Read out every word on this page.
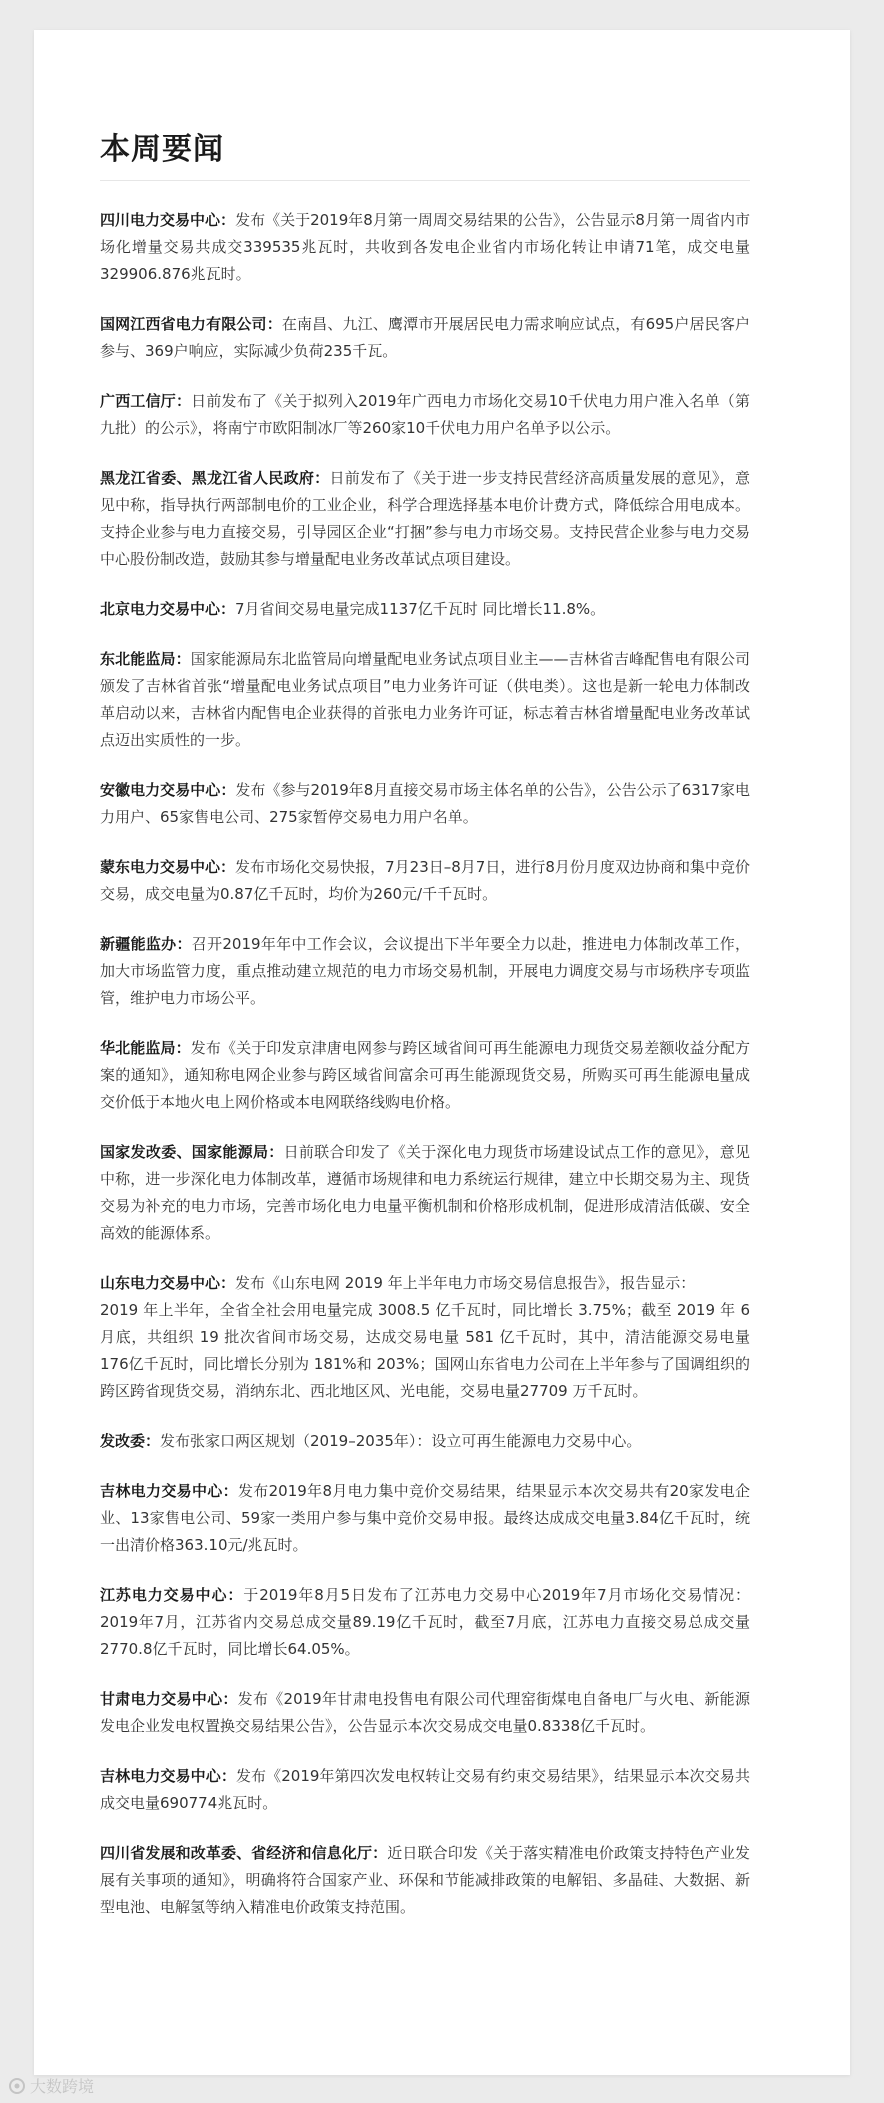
本周要闻

四川电力交易中心：发布《关于2019年8月第一周周交易结果的公告》，公告显示8月第一周省内市场化增量交易共成交339535兆瓦时，共收到各发电企业省内市场化转让申请71笔，成交电量329906.876兆瓦时。

国网江西省电力有限公司：在南昌、九江、鹰潭市开展居民电力需求响应试点，有695户居民客户参与、369户响应，实际减少负荷235千瓦。

广西工信厅：日前发布了《关于拟列入2019年广西电力市场化交易10千伏电力用户准入名单（第九批）的公示》，将南宁市欧阳制冰厂等260家10千伏电力用户名单予以公示。

黑龙江省委、黑龙江省人民政府：日前发布了《关于进一步支持民营经济高质量发展的意见》，意见中称，指导执行两部制电价的工业企业，科学合理选择基本电价计费方式，降低综合用电成本。支持企业参与电力直接交易，引导园区企业“打捆”参与电力市场交易。支持民营企业参与电力交易中心股份制改造，鼓励其参与增量配电业务改革试点项目建设。

北京电力交易中心：7月省间交易电量完成1137亿千瓦时 同比增长11.8%。

东北能监局：国家能源局东北监管局向增量配电业务试点项目业主——吉林省吉峰配售电有限公司颁发了吉林省首张“增量配电业务试点项目”电力业务许可证（供电类）。这也是新一轮电力体制改革启动以来，吉林省内配售电企业获得的首张电力业务许可证，标志着吉林省增量配电业务改革试点迈出实质性的一步。

安徽电力交易中心：发布《参与2019年8月直接交易市场主体名单的公告》，公告公示了6317家电力用户、65家售电公司、275家暂停交易电力用户名单。

蒙东电力交易中心：发布市场化交易快报，7月23日–8月7日，进行8月份月度双边协商和集中竞价交易，成交电量为0.87亿千瓦时，均价为260元/千千瓦时。

新疆能监办：召开2019年年中工作会议，会议提出下半年要全力以赴，推进电力体制改革工作，加大市场监管力度，重点推动建立规范的电力市场交易机制，开展电力调度交易与市场秩序专项监管，维护电力市场公平。

华北能监局：发布《关于印发京津唐电网参与跨区域省间可再生能源电力现货交易差额收益分配方案的通知》，通知称电网企业参与跨区域省间富余可再生能源现货交易，所购买可再生能源电量成交价低于本地火电上网价格或本电网联络线购电价格。

国家发改委、国家能源局：日前联合印发了《关于深化电力现货市场建设试点工作的意见》，意见中称，进一步深化电力体制改革，遵循市场规律和电力系统运行规律，建立中长期交易为主、现货交易为补充的电力市场，完善市场化电力电量平衡机制和价格形成机制，促进形成清洁低碳、安全高效的能源体系。

山东电力交易中心：发布《山东电网 2019 年上半年电力市场交易信息报告》，报告显示：
2019 年上半年，全省全社会用电量完成 3008.5 亿千瓦时，同比增长 3.75%；截至 2019 年 6 月底，共组织 19 批次省间市场交易，达成交易电量 581 亿千瓦时，其中，清洁能源交易电量 176亿千瓦时，同比增长分别为 181%和 203%；国网山东省电力公司在上半年参与了国调组织的跨区跨省现货交易，消纳东北、西北地区风、光电能，交易电量27709 万千瓦时。

发改委：发布张家口两区规划（2019–2035年）：设立可再生能源电力交易中心。

吉林电力交易中心：发布2019年8月电力集中竞价交易结果，结果显示本次交易共有20家发电企业、13家售电公司、59家一类用户参与集中竞价交易申报。最终达成成交电量3.84亿千瓦时，统一出清价格363.10元/兆瓦时。

江苏电力交易中心：于2019年8月5日发布了江苏电力交易中心2019年7月市场化交易情况：2019年7月，江苏省内交易总成交量89.19亿千瓦时，截至7月底，江苏电力直接交易总成交量2770.8亿千瓦时，同比增长64.05%。

甘肃电力交易中心：发布《2019年甘肃电投售电有限公司代理窑街煤电自备电厂与火电、新能源发电企业发电权置换交易结果公告》，公告显示本次交易成交电量0.8338亿千瓦时。

吉林电力交易中心：发布《2019年第四次发电权转让交易有约束交易结果》，结果显示本次交易共成交电量690774兆瓦时。

四川省发展和改革委、省经济和信息化厅：近日联合印发《关于落实精准电价政策支持特色产业发展有关事项的通知》，明确将符合国家产业、环保和节能减排政策的电解铝、多晶硅、大数据、新型电池、电解氢等纳入精准电价政策支持范围。

大数跨境
